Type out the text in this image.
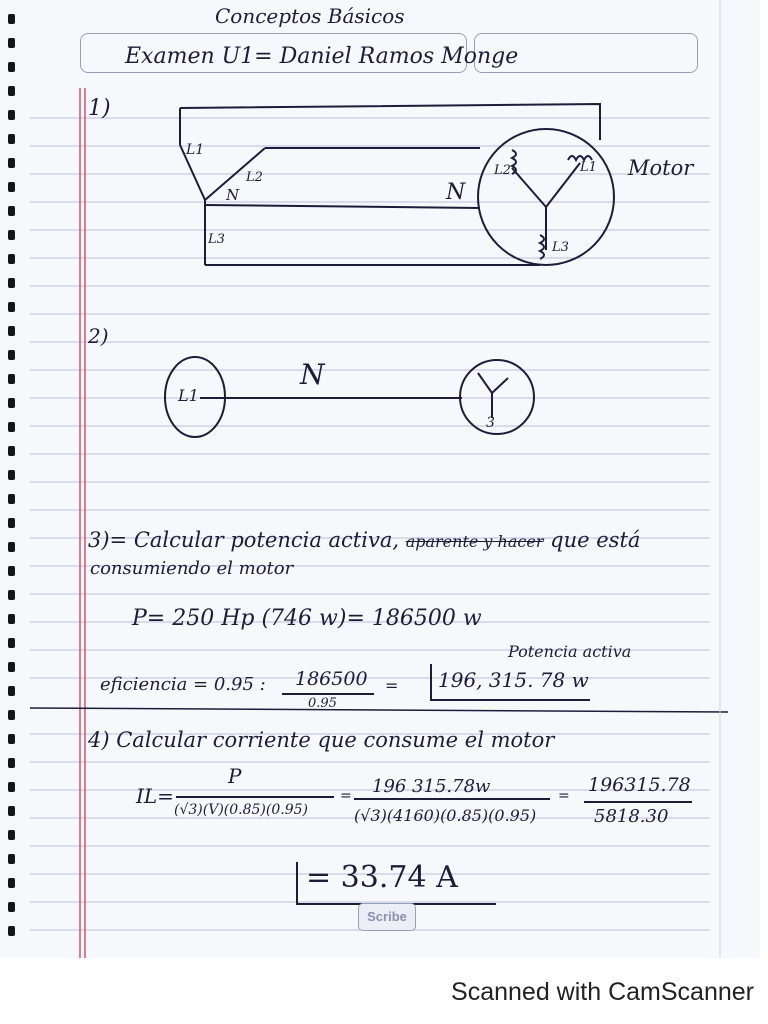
Conceptos Básicos
Examen U1= Daniel Ramos Monge
1)
L1
L2
N
L3
N
L2	L1
L3
Motor
2)
L1
N
3
3)= Calcular potencia activa, aparente y hacer que está
consumiendo el motor
P= 250 Hp (746 w)= 186500 w
Potencia activa
eficiencia = 0.95 : 186500
0.95
= 196, 315. 78 w
4) Calcular corriente que consume el motor
IL=
P
(√3)(V)(0.85)(0.95)
= 196 315.78w
(√3)(4160)(0.85)(0.95)
= 196315.78
5818.30
= 33.74 A
Scribe
Scanned with CamScanner
